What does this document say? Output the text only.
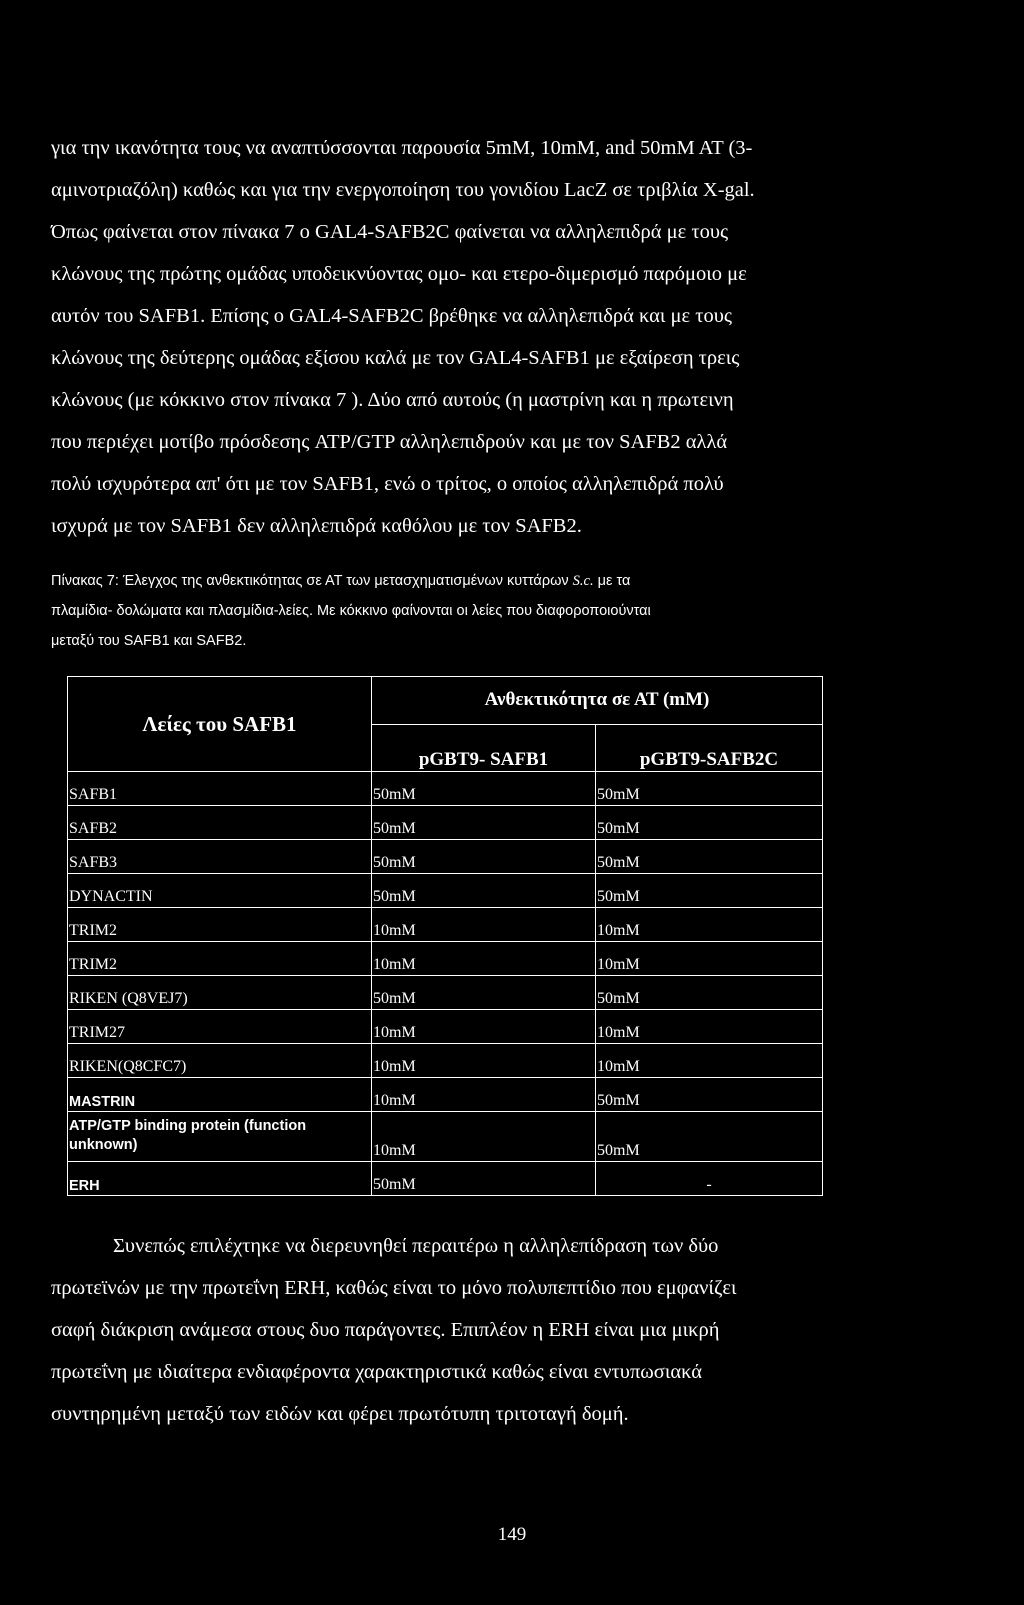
για την ικανότητα τους να αναπτύσσονται παρουσία 5mM, 10mM, and 50mM AT (3-
αμινοτριαζόλη) καθώς και για την ενεργοποίηση του γονιδίου LacZ σε τριβλία X-gal.
Όπως φαίνεται στον πίνακα 7 ο GAL4-SAFB2C φαίνεται να αλληλεπιδρά με τους
κλώνους της πρώτης ομάδας υποδεικνύοντας ομο- και ετερο-διμερισμό παρόμοιο με
αυτόν του SAFB1. Επίσης ο GAL4-SAFB2C βρέθηκε να αλληλεπιδρά και με τους
κλώνους της δεύτερης ομάδας εξίσου καλά με τον GAL4-SAFB1 με εξαίρεση τρεις
κλώνους (με κόκκινο στον πίνακα 7 ). Δύο από αυτούς (η μαστρίνη και η πρωτεινη
που περιέχει μοτίβο πρόσδεσης ATP/GTP αλληλεπιδρούν και με τον SAFB2 αλλά
πολύ ισχυρότερα απ' ότι με τον SAFB1, ενώ ο τρίτος, ο οποίος αλληλεπιδρά πολύ
ισχυρά με τον SAFB1 δεν αλληλεπιδρά καθόλου με τον SAFB2.

Πίνακας 7: Έλεγχος της ανθεκτικότητας σε ΑΤ των μετασχηματισμένων κυττάρων S.c. με τα
πλαμίδια- δολώματα και πλασμίδια-λείες. Με κόκκινο φαίνονται οι λείες που διαφοροποιούνται
μεταξύ του SAFB1 και SAFB2.

Λείες του SAFB1	Ανθεκτικότητα σε ΑΤ (mM)	
	pGBT9- SAFB1	pGBT9-SAFB2C
SAFB1	50mM	50mM
SAFB2	50mM	50mM
SAFB3	50mM	50mM
DYNACTIN	50mM	50mM
TRIM2	10mM	10mM
TRIM2	10mM	10mM
RIKEN (Q8VEJ7)	50mM	50mM
TRIM27	10mM	10mM
RIKEN(Q8CFC7)	10mM	10mM
MASTRIN	10mM	50mM
ATP/GTP binding protein (function unknown)	10mM	50mM
ERH	50mM	-

Συνεπώς επιλέχτηκε να διερευνηθεί περαιτέρω η αλληλεπίδραση των δύο
πρωτεϊνών με την πρωτεΐνη ERH, καθώς είναι το μόνο πολυπεπτίδιο που εμφανίζει
σαφή διάκριση ανάμεσα στους δυο παράγοντες. Επιπλέον η ERH είναι μια μικρή
πρωτεΐνη με ιδιαίτερα ενδιαφέροντα χαρακτηριστικά καθώς είναι εντυπωσιακά
συντηρημένη μεταξύ των ειδών και φέρει πρωτότυπη τριτοταγή δομή.

149
